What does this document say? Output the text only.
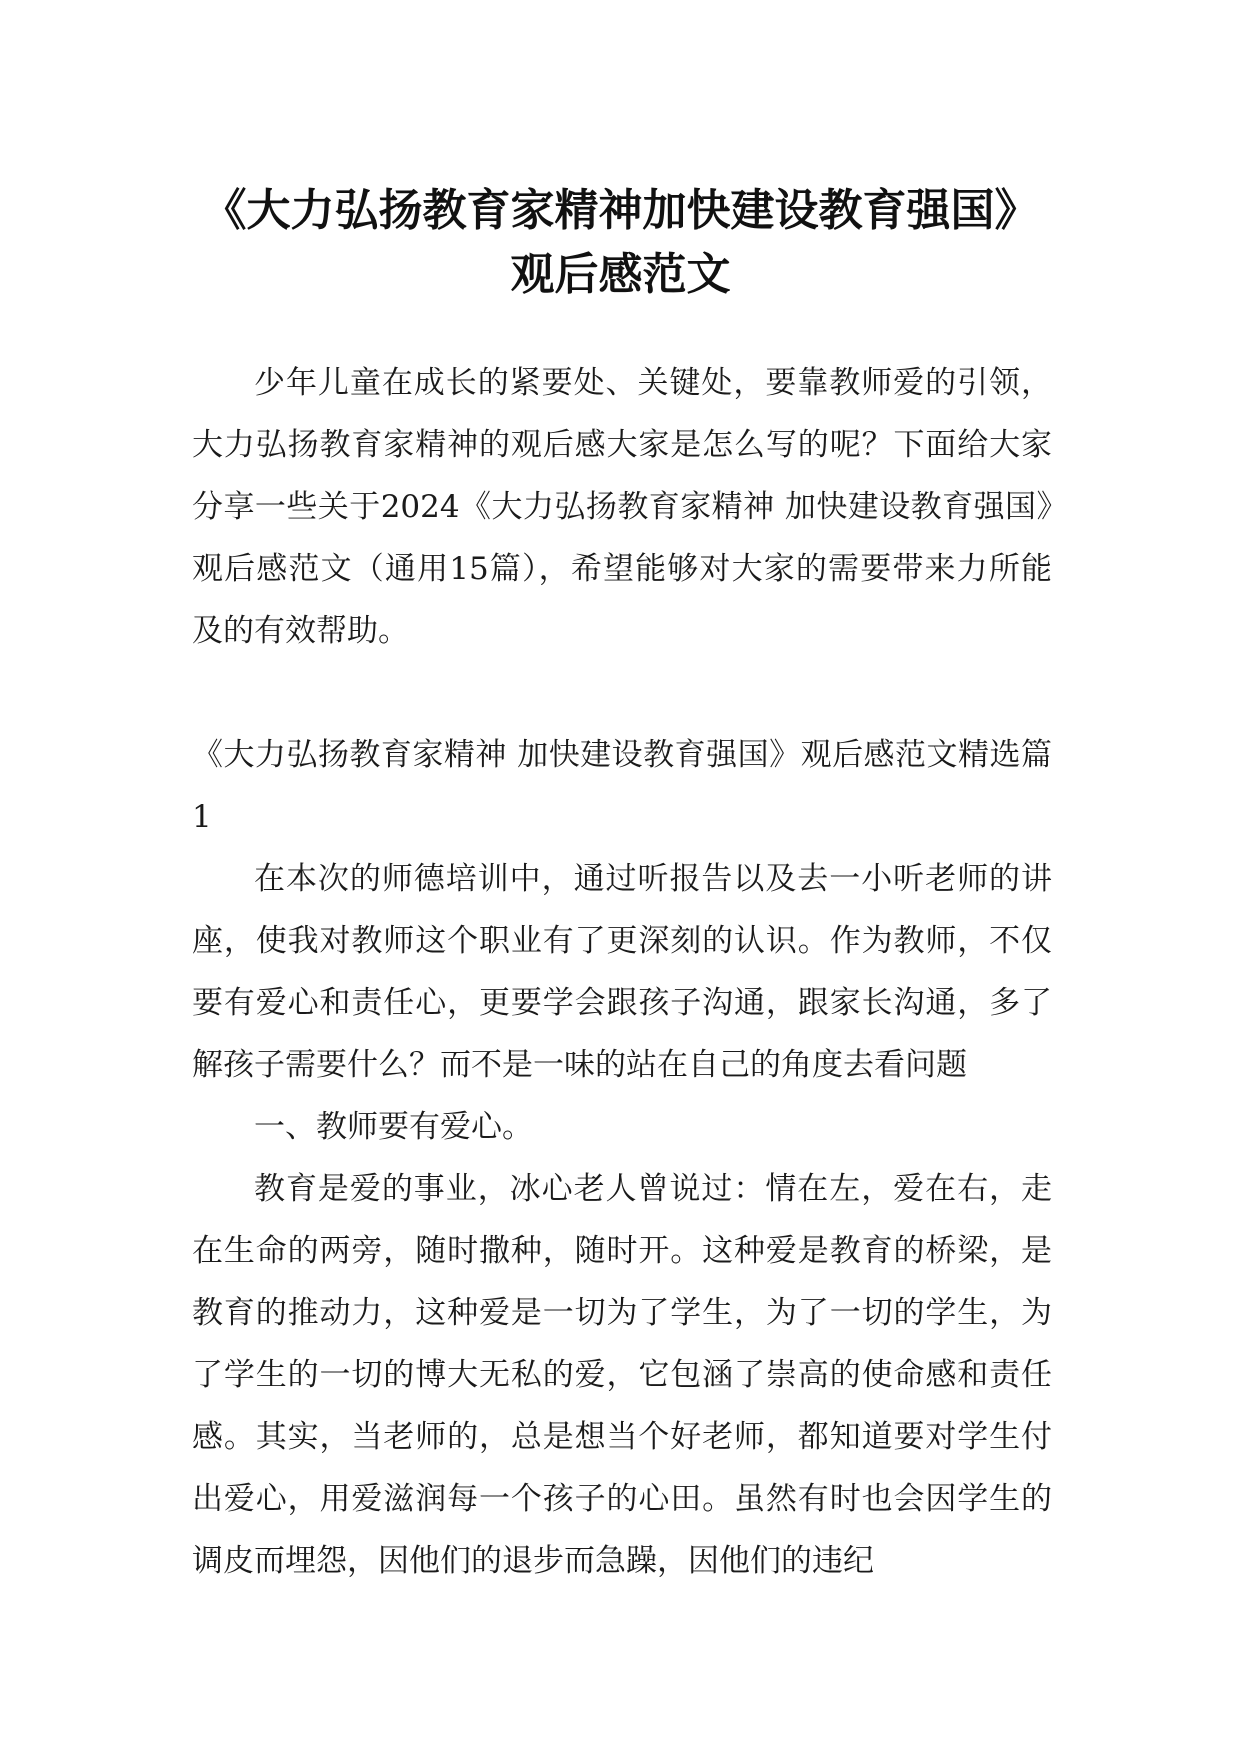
《大力弘扬教育家精神加快建设教育强国》
观后感范文

少年儿童在成长的紧要处、关键处，要靠教师爱的引领，大力弘扬教育家精神的观后感大家是怎么写的呢？下面给大家分享一些关于2024《大力弘扬教育家精神 加快建设教育强国》观后感范文（通用15篇），希望能够对大家的需要带来力所能及的有效帮助。

《大力弘扬教育家精神 加快建设教育强国》观后感范文精选篇1

在本次的师德培训中，通过听报告以及去一小听老师的讲座，使我对教师这个职业有了更深刻的认识。作为教师，不仅要有爱心和责任心，更要学会跟孩子沟通，跟家长沟通，多了解孩子需要什么？而不是一味的站在自己的角度去看问题

一、教师要有爱心。

教育是爱的事业，冰心老人曾说过：情在左，爱在右，走在生命的两旁，随时撒种，随时开。这种爱是教育的桥梁，是教育的推动力，这种爱是一切为了学生，为了一切的学生，为了学生的一切的博大无私的爱，它包涵了崇高的使命感和责任感。其实，当老师的，总是想当个好老师，都知道要对学生付出爱心，用爱滋润每一个孩子的心田。虽然有时也会因学生的调皮而埋怨，因他们的退步而急躁，因他们的违纪
